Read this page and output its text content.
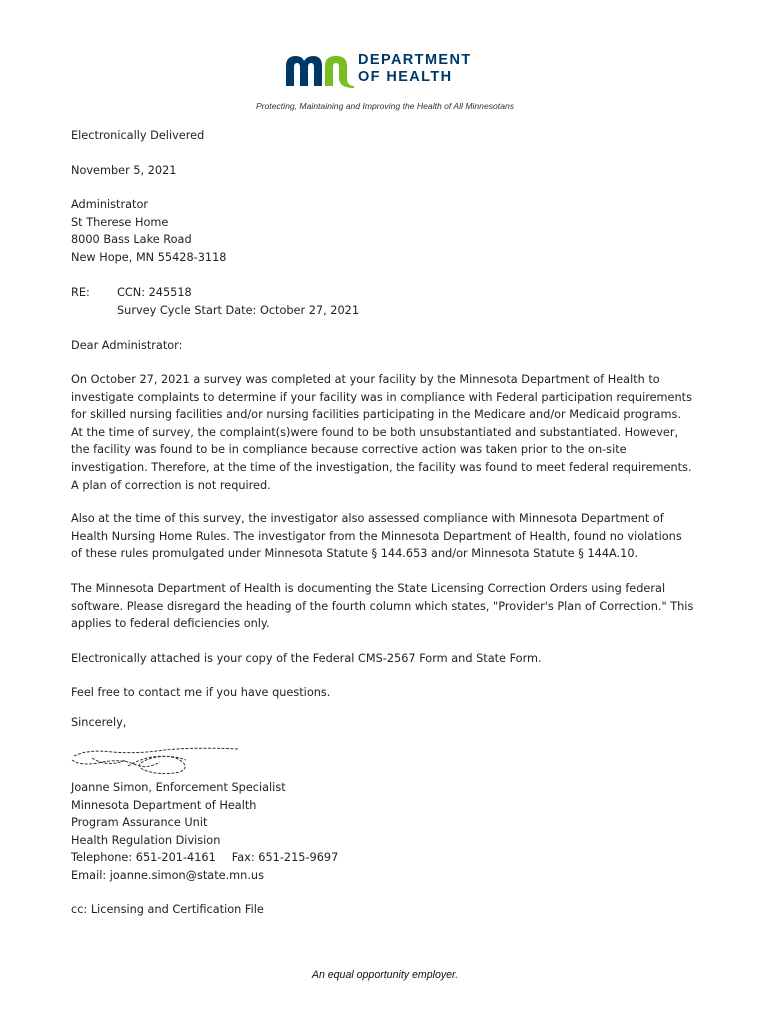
DEPARTMENT
OF HEALTH
Protecting, Maintaining and Improving the Health of All Minnesotans

Electronically Delivered

November 5, 2021

Administrator

St Therese Home

8000 Bass Lake Road

New Hope, MN 55428-3118

RE:	CCN: 245518

Survey Cycle Start Date: October 27, 2021

Dear Administrator:

On October 27, 2021 a survey was completed at your facility by the Minnesota Department of Health to investigate complaints to determine if your facility was in compliance with Federal participation requirements for skilled nursing facilities and/or nursing facilities participating in the Medicare and/or Medicaid programs. At the time of survey, the complaint(s)were found to be both unsubstantiated and substantiated. However, the facility was found to be in compliance because corrective action was taken prior to the on-site investigation. Therefore, at the time of the investigation, the facility was found to meet federal requirements. A plan of correction is not required.

Also at the time of this survey, the investigator also assessed compliance with Minnesota Department of Health Nursing Home Rules. The investigator from the Minnesota Department of Health, found no violations of these rules promulgated under Minnesota Statute § 144.653 and/or Minnesota Statute § 144A.10.

The Minnesota Department of Health is documenting the State Licensing Correction Orders using federal software. Please disregard the heading of the fourth column which states, "Provider's Plan of Correction." This applies to federal deficiencies only.

Electronically attached is your copy of the Federal CMS-2567 Form and State Form.

Feel free to contact me if you have questions.

Sincerely,

Joanne Simon, Enforcement Specialist

Minnesota Department of Health

Program Assurance Unit

Health Regulation Division

Telephone: 651-201-4161 Fax: 651-215-9697

Email: joanne.simon@state.mn.us

cc: Licensing and Certification File

An equal opportunity employer.
